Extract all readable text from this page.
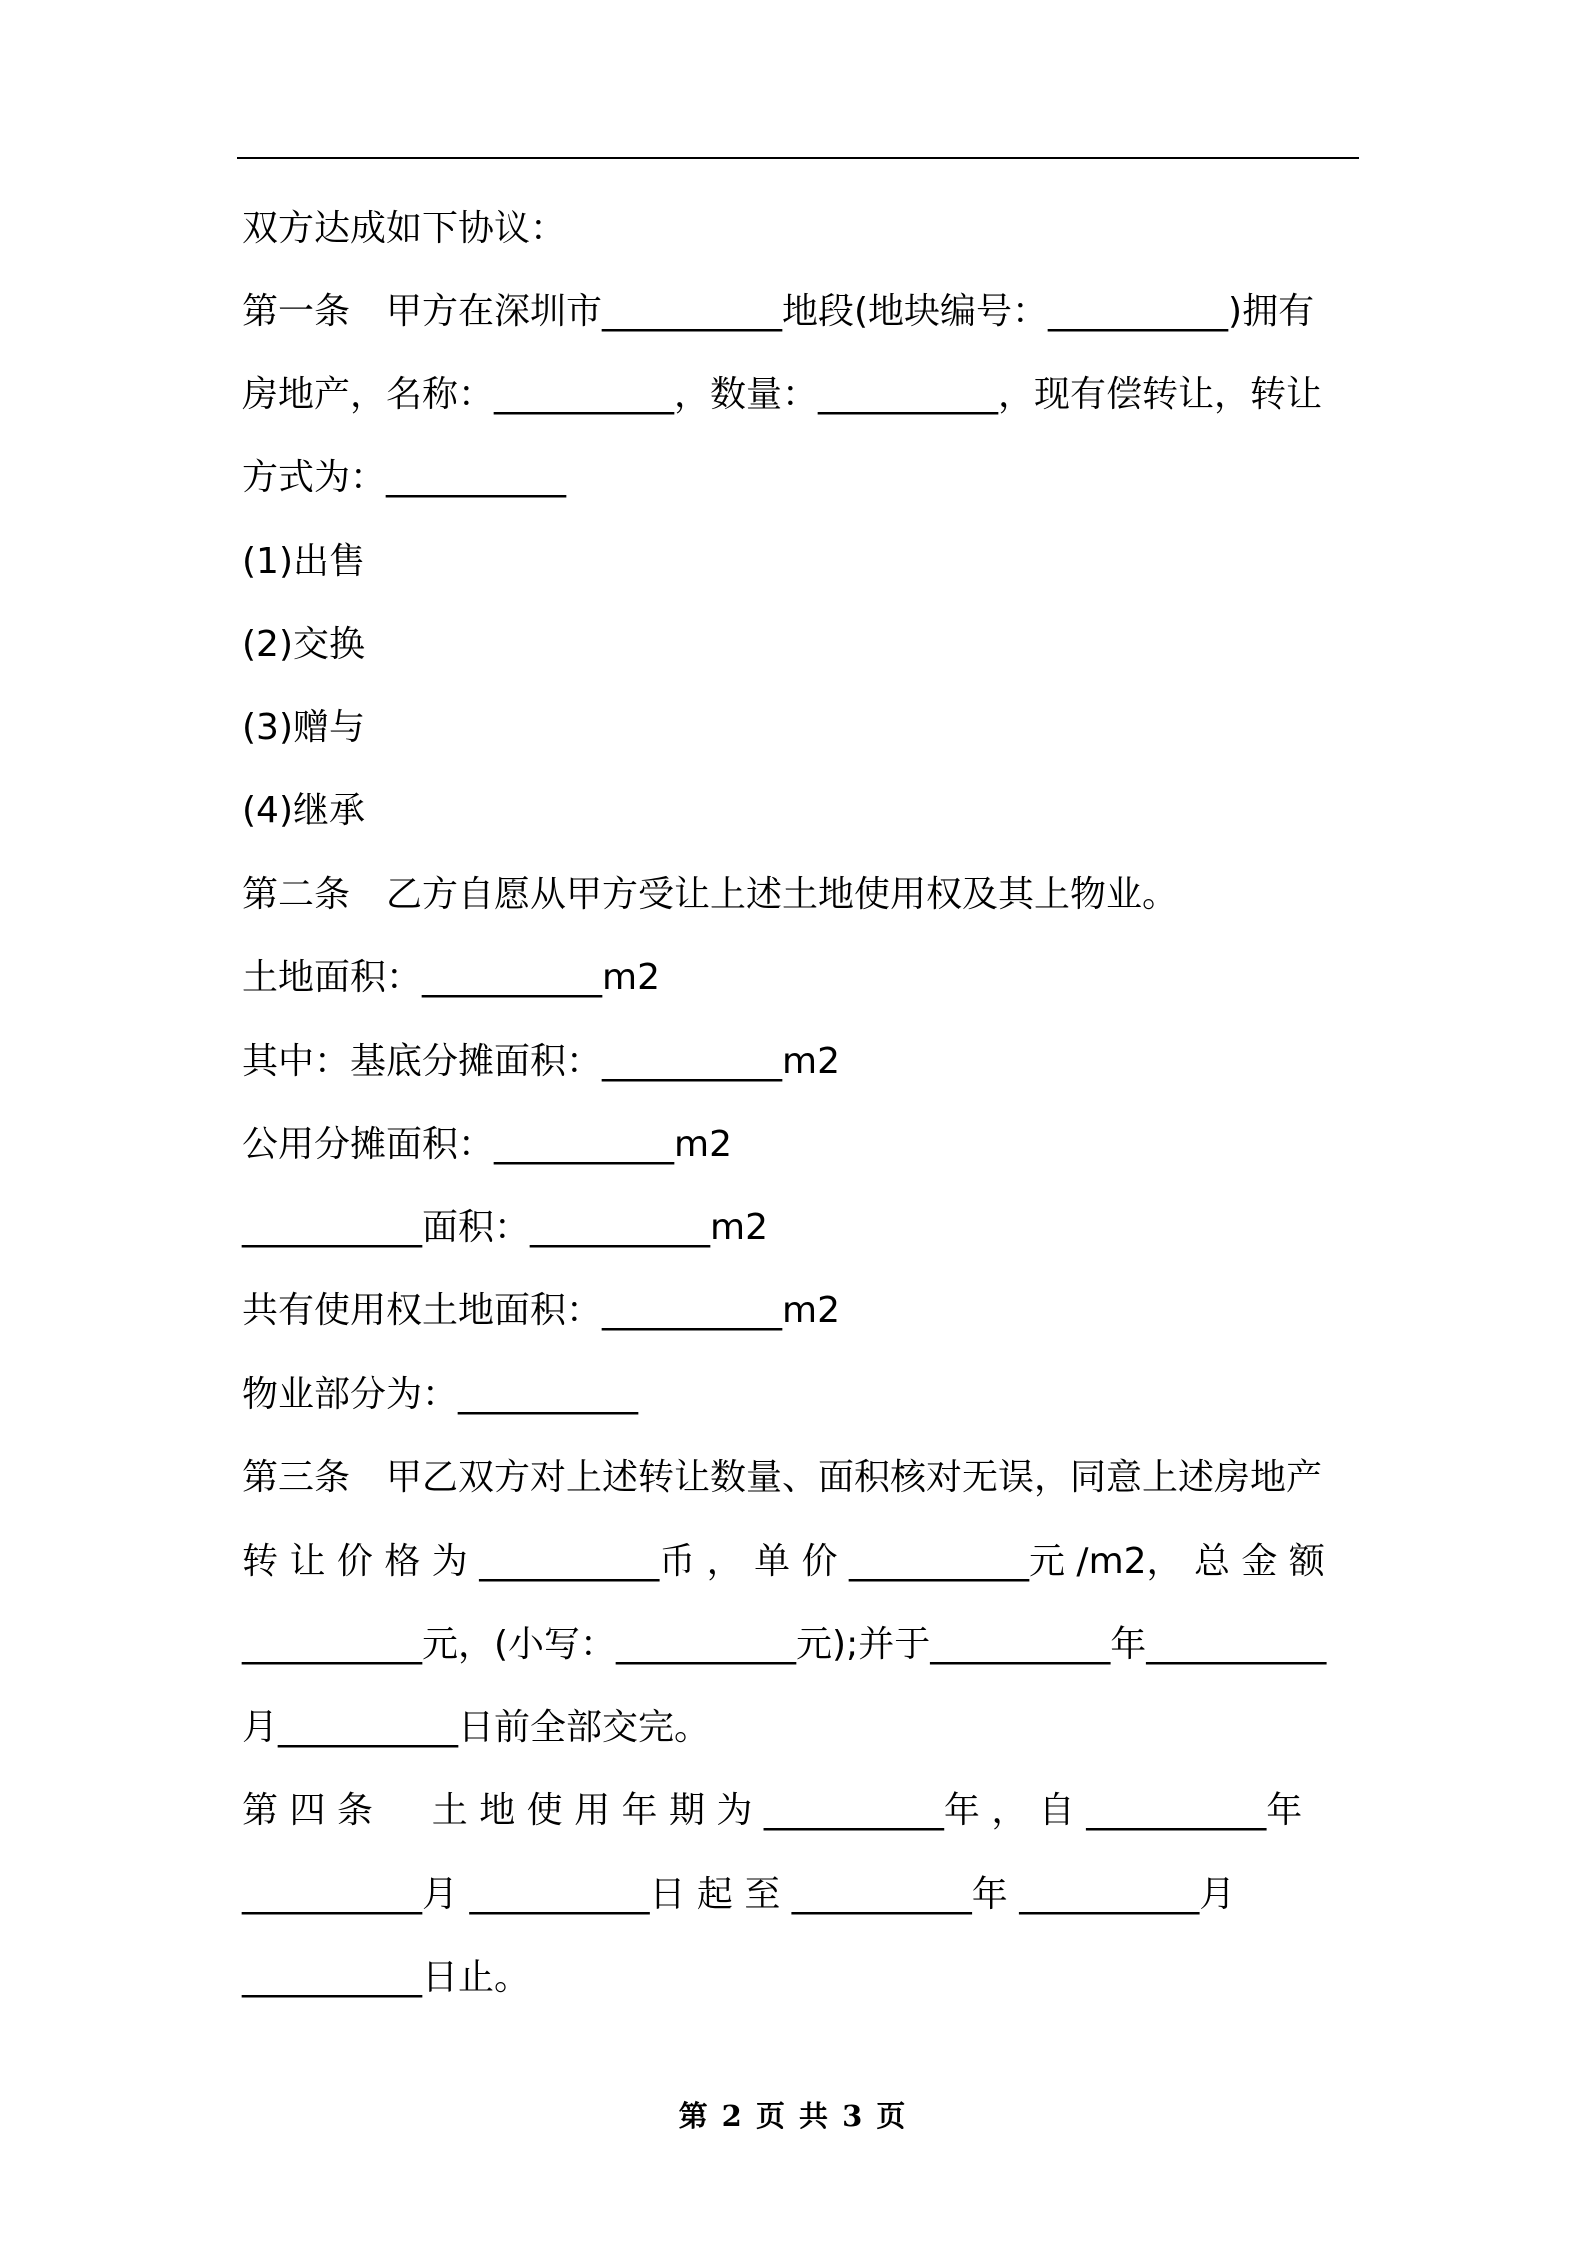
双方达成如下协议：
第一条　甲方在深圳市__________地段(地块编号：__________)拥有
房地产，名称：__________，数量：__________，现有偿转让，转让
方式为：__________
(1)出售
(2)交换
(3)赠与
(4)继承
第二条　乙方自愿从甲方受让上述土地使用权及其上物业。
土地面积：__________m2
其中：基底分摊面积：__________m2
公用分摊面积：__________m2
__________面积：__________m2
共有使用权土地面积：__________m2
物业部分为：__________
第三条　甲乙双方对上述转让数量、面积核对无误，同意上述房地产
转 让 价 格 为 __________币 ， 单 价 __________元 /m2， 总 金 额
__________元，(小写：__________元);并于__________年__________
月__________日前全部交完。
第 四 条 　 土 地 使 用 年 期 为 __________年 ， 自 __________年
__________月 __________日 起 至 __________年 __________月
__________日止。
第 2 页 共 3 页
